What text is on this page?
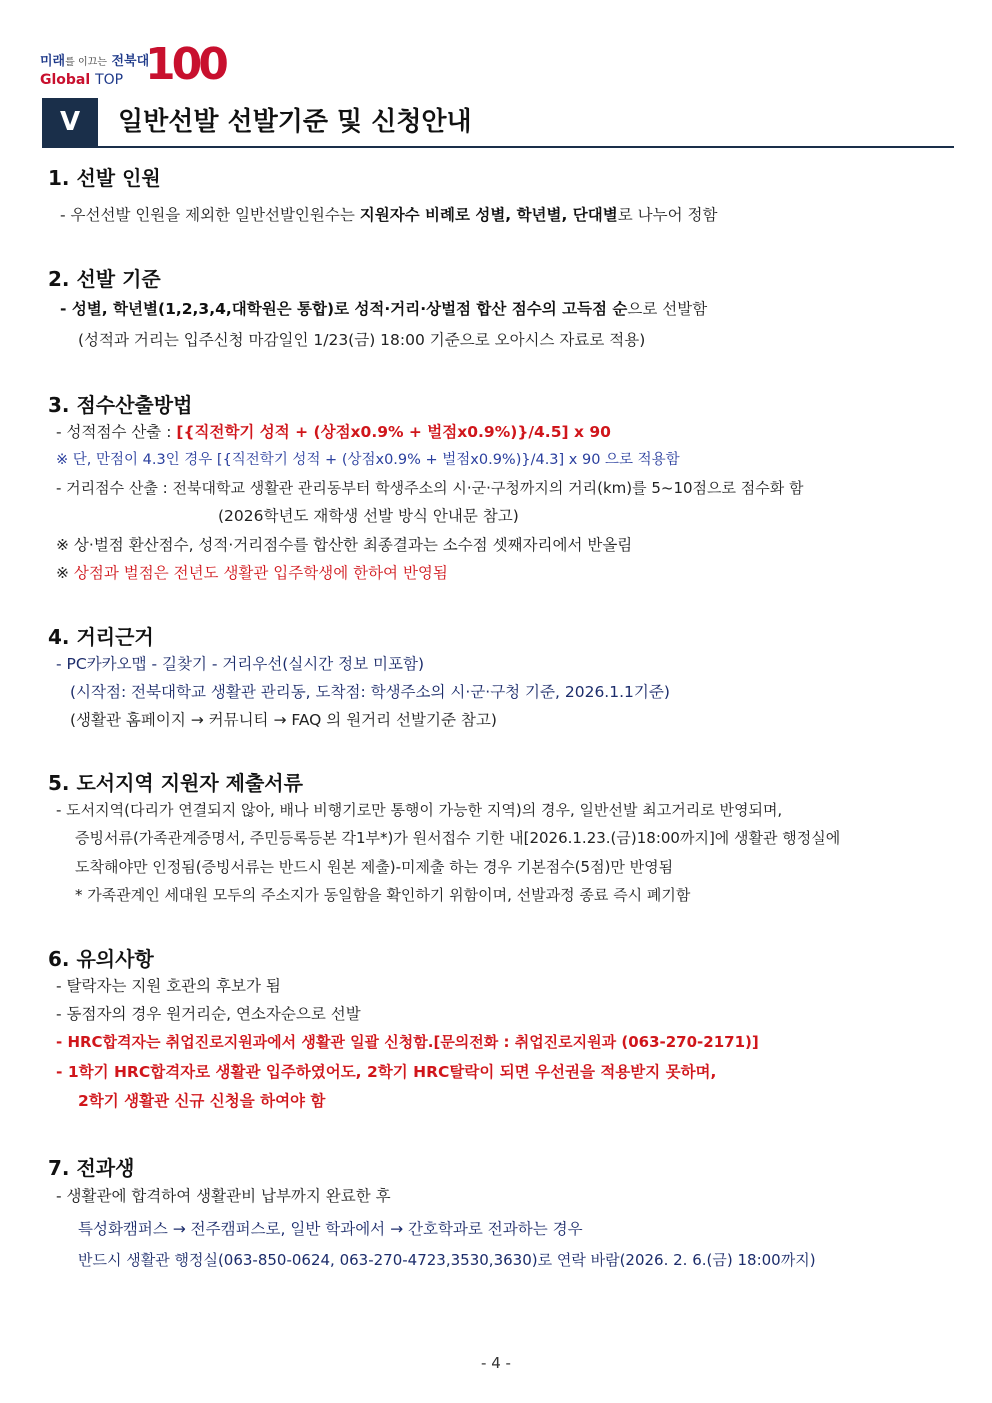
미래를 이끄는 전북대
Global TOP 100
V	일반선발 선발기준 및 신청안내
1. 선발 인원
- 우선선발 인원을 제외한 일반선발인원수는 지원자수 비례로 성별, 학년별, 단대별로 나누어 정함
2. 선발 기준
- 성별, 학년별(1,2,3,4,대학원은 통합)로 성적·거리·상벌점 합산 점수의 고득점 순으로 선발함
(성적과 거리는 입주신청 마감일인 1/23(금) 18:00 기준으로 오아시스 자료로 적용)
3. 점수산출방법
- 성적점수 산출 : [{직전학기 성적 + (상점x0.9% + 벌점x0.9%)}/4.5] x 90
※ 단, 만점이 4.3인 경우 [{직전학기 성적 + (상점x0.9% + 벌점x0.9%)}/4.3] x 90 으로 적용함
- 거리점수 산출 : 전북대학교 생활관 관리동부터 학생주소의 시·군·구청까지의 거리(km)를 5~10점으로 점수화 함
(2026학년도 재학생 선발 방식 안내문 참고)
※ 상·벌점 환산점수, 성적·거리점수를 합산한 최종결과는 소수점 셋째자리에서 반올림
※ 상점과 벌점은 전년도 생활관 입주학생에 한하여 반영됨
4. 거리근거
- PC카카오맵 - 길찾기 - 거리우선(실시간 정보 미포함)
(시작점: 전북대학교 생활관 관리동, 도착점: 학생주소의 시·군·구청 기준, 2026.1.1기준)
(생활관 홈페이지 → 커뮤니티 → FAQ 의 원거리 선발기준 참고)
5. 도서지역 지원자 제출서류
- 도서지역(다리가 연결되지 않아, 배나 비행기로만 통행이 가능한 지역)의 경우, 일반선발 최고거리로 반영되며,
증빙서류(가족관계증명서, 주민등록등본 각1부*)가 원서접수 기한 내[2026.1.23.(금)18:00까지]에 생활관 행정실에
도착해야만 인정됨(증빙서류는 반드시 원본 제출)-미제출 하는 경우 기본점수(5점)만 반영됨
* 가족관계인 세대원 모두의 주소지가 동일함을 확인하기 위함이며, 선발과정 종료 즉시 폐기함
6. 유의사항
- 탈락자는 지원 호관의 후보가 됨
- 동점자의 경우 원거리순, 연소자순으로 선발
- HRC합격자는 취업진로지원과에서 생활관 일괄 신청함.[문의전화 : 취업진로지원과 (063-270-2171)]
- 1학기 HRC합격자로 생활관 입주하였어도, 2학기 HRC탈락이 되면 우선권을 적용받지 못하며,
2학기 생활관 신규 신청을 하여야 함
7. 전과생
- 생활관에 합격하여 생활관비 납부까지 완료한 후
특성화캠퍼스 → 전주캠퍼스로, 일반 학과에서 → 간호학과로 전과하는 경우
반드시 생활관 행정실(063-850-0624, 063-270-4723,3530,3630)로 연락 바람(2026. 2. 6.(금) 18:00까지)
- 4 -
